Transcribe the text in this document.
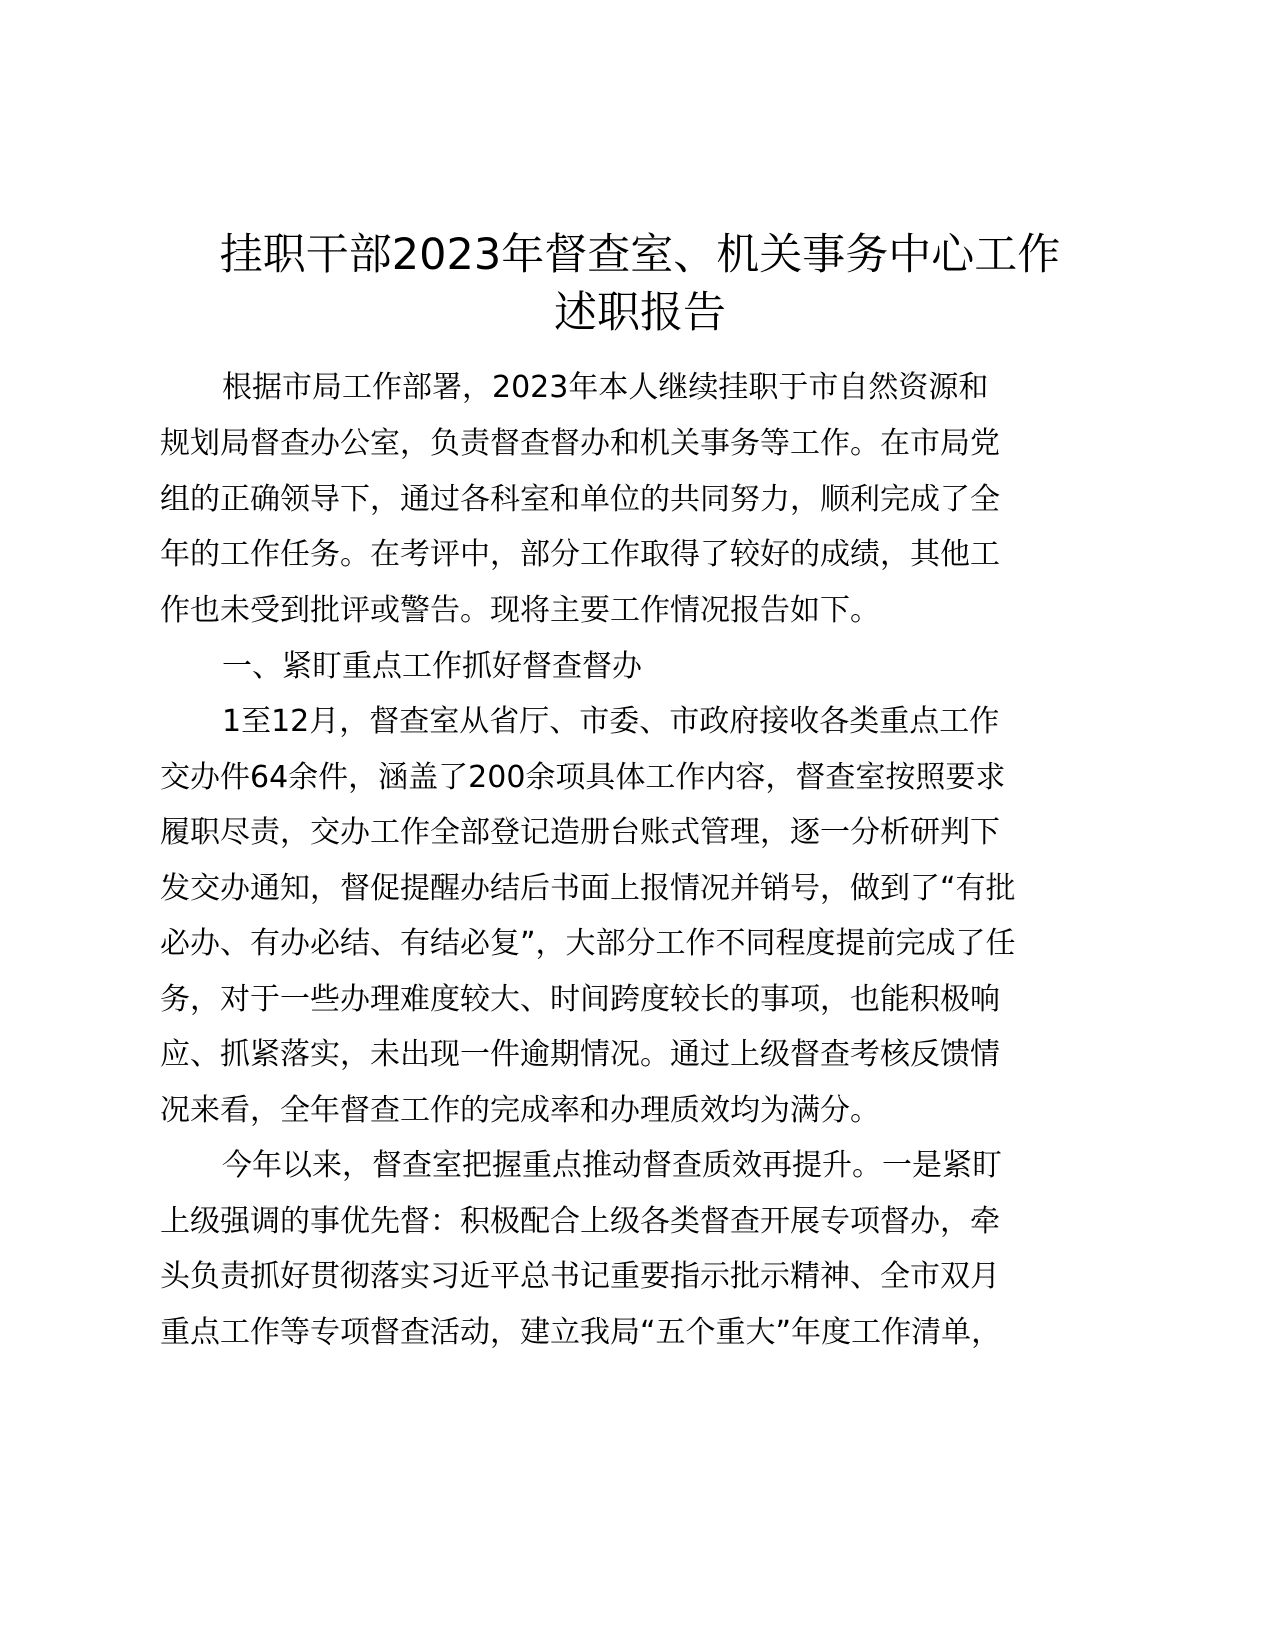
挂职干部2023年督查室、机关事务中心工作
述职报告
根据市局工作部署，2023年本人继续挂职于市自然资源和
规划局督查办公室，负责督查督办和机关事务等工作。在市局党
组的正确领导下，通过各科室和单位的共同努力，顺利完成了全
年的工作任务。在考评中，部分工作取得了较好的成绩，其他工
作也未受到批评或警告。现将主要工作情况报告如下。
一、紧盯重点工作抓好督查督办
1至12月，督查室从省厅、市委、市政府接收各类重点工作
交办件64余件，涵盖了200余项具体工作内容，督查室按照要求
履职尽责，交办工作全部登记造册台账式管理，逐一分析研判下
发交办通知，督促提醒办结后书面上报情况并销号，做到了“有批
必办、有办必结、有结必复”，大部分工作不同程度提前完成了任
务，对于一些办理难度较大、时间跨度较长的事项，也能积极响
应、抓紧落实，未出现一件逾期情况。通过上级督查考核反馈情
况来看，全年督查工作的完成率和办理质效均为满分。
今年以来，督查室把握重点推动督查质效再提升。一是紧盯
上级强调的事优先督：积极配合上级各类督查开展专项督办，牵
头负责抓好贯彻落实习近平总书记重要指示批示精神、全市双月
重点工作等专项督查活动，建立我局“五个重大”年度工作清单，
